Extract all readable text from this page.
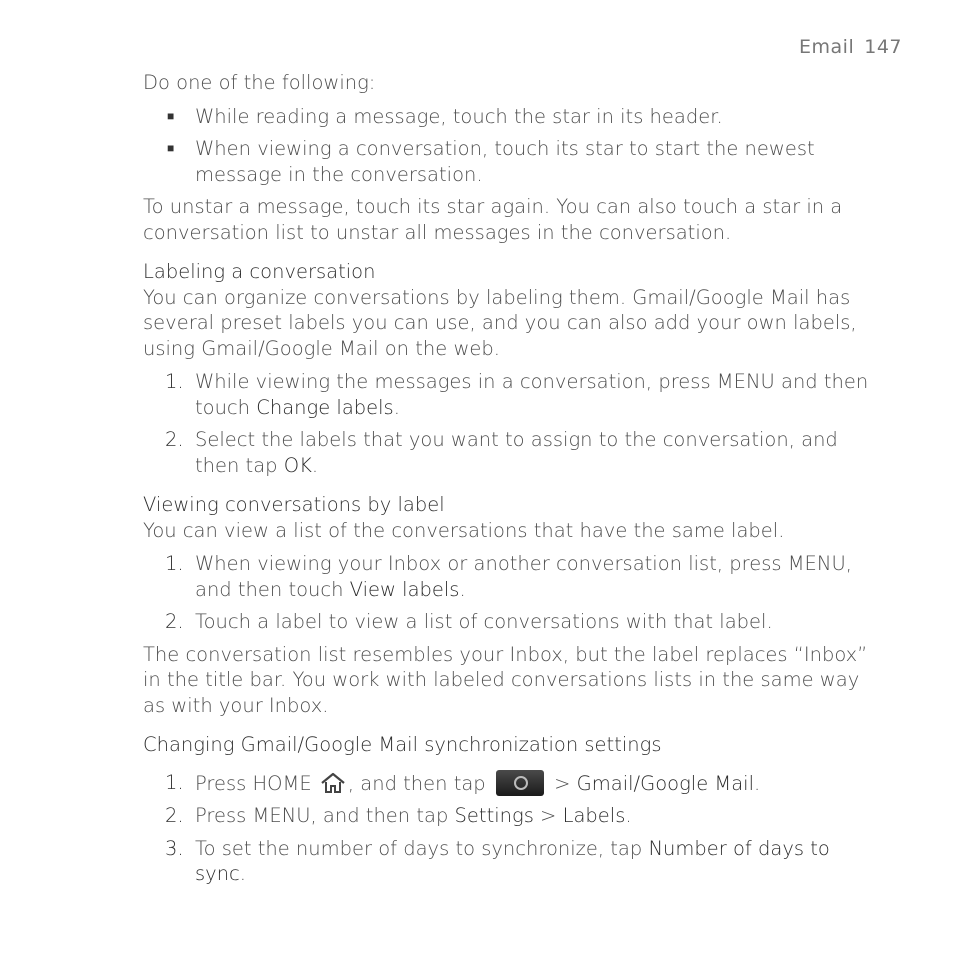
Email 147

Do one of the following:

■ While reading a message, touch the star in its header.
■ When viewing a conversation, touch its star to start the newest message in the conversation.

To unstar a message, touch its star again. You can also touch a star in a conversation list to unstar all messages in the conversation.

Labeling a conversation

You can organize conversations by labeling them. Gmail/Google Mail has several preset labels you can use, and you can also add your own labels, using Gmail/Google Mail on the web.

1. While viewing the messages in a conversation, press MENU and then touch Change labels.
2. Select the labels that you want to assign to the conversation, and then tap OK.
Viewing conversations by label

You can view a list of the conversations that have the same label.

1. When viewing your Inbox or another conversation list, press MENU, and then touch View labels.
2. Touch a label to view a list of conversations with that label.

The conversation list resembles your Inbox, but the label replaces “Inbox” in the title bar. You work with labeled conversations lists in the same way as with your Inbox.

Changing Gmail/Google Mail synchronization settings
1. Press HOME , and then tap	> Gmail/Google Mail.
2. Press MENU, and then tap Settings > Labels.
3. To set the number of days to synchronize, tap Number of days to sync.
